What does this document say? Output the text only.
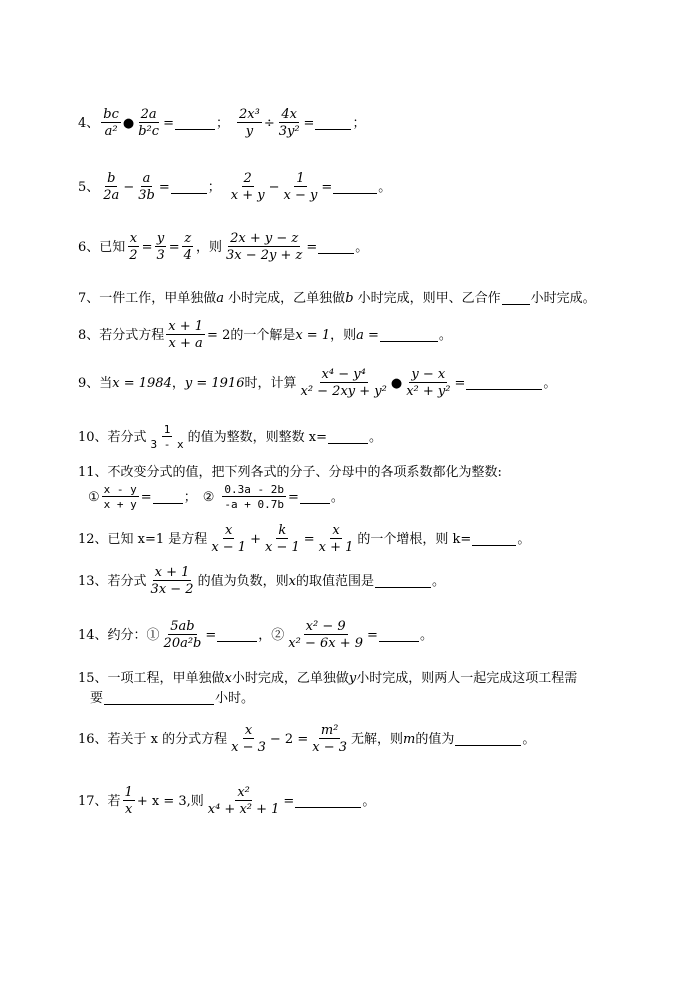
4、 $\frac{bc}{\text{a²}}$ ● $\frac{2a}{\text{b²c}}$ =	； $\frac{\text{2x³}}{y} \div \frac{4x}{\text{3y²}}$ =	；
5、 $\frac{b}{2a} - \frac{a}{3b}$ =	； $\frac{2}{x + y} - \frac{1}{x - y}$ =	。
6、已知 $\frac{x}{2} = \frac{y}{3} = \frac{z}{4}$ ，则 $\frac{2x + y - z}{3x - 2y + z}$ =	。
7、一件工作，甲单独做a 小时完成，乙单独做b 小时完成，则甲、乙合作 小时完成。
8、若分式方程 $\frac{x + 1}{x + a} = 2$的一个解是 x = 1 ，则 a =	。
9、当 x = 1984 ， y = 1916 时，计算 $\frac{\text{x⁴ − y⁴}}{\text{x² − 2xy + y²}}$ ● $\frac{y - x}{\text{x² + y²}}$ =	。
10、若分式 $\frac{1}{3 - x}$ 的值为整数，则整数 x=	。
11、不改变分式的值，把下列各式的分子、分母中的各项系数都化为整数:
① $\frac{x - y}{x + y}$ = ； ② $\frac{0.3a - 2b}{-a + 0.7b}$ = 。
12、已知 x=1 是方程 $\frac{x}{x - 1} + \frac{k}{x - 1} = \frac{x}{x + 1}$ 的一个增根，则 k=	。
13、若分式 $\frac{x + 1}{3x - 2}$ 的值为负数，则 x 的取值范围是	。
14、约分：① $\frac{5ab}{\text{20a²b}}$ =	，② $\frac{\text{x² − 9}}{\text{x² − 6x + 9}}$ =	。
15、一项工程，甲单独做x小时完成，乙单独做y小时完成，则两人一起完成这项工程需
要	小时。
16、若关于 x 的分式方程 $\frac{x}{x - 3} - 2 = \frac{\text{m²}}{x - 3}$ 无解，则 m 的值为	。
17、若 $\frac{1}{x} + x = 3$,则 $\frac{\text{x²}}{\text{x⁴ + x² + 1}}$ =	。
